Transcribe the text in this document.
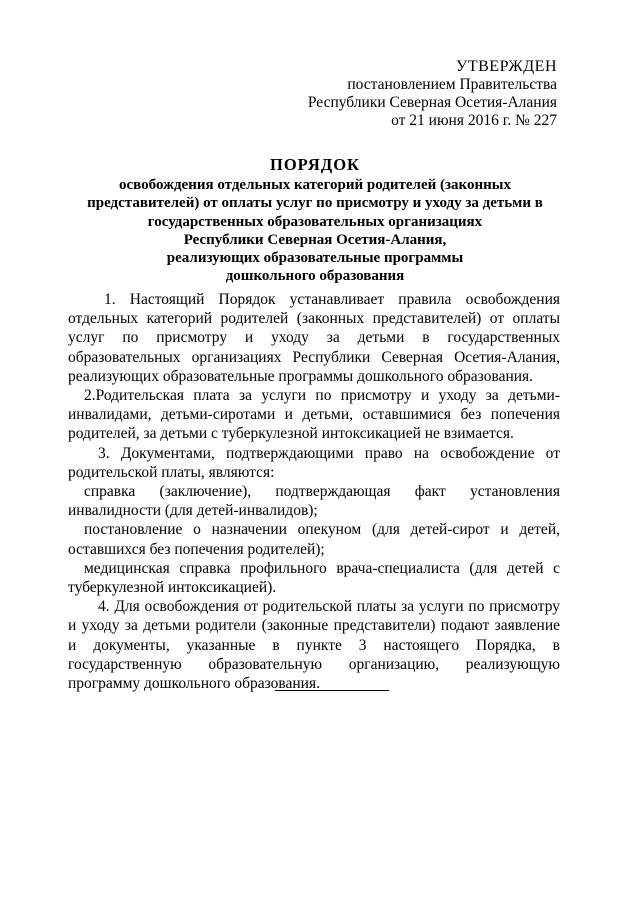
УТВЕРЖДЕН
постановлением Правительства
Республики Северная Осетия-Алания
от 21 июня 2016 г. № 227
ПОРЯДОК
освобождения отдельных категорий родителей (законных
представителей) от оплаты услуг по присмотру и уходу за детьми в
государственных образовательных организациях
Республики Северная Осетия-Алания,
реализующих образовательные программы
дошкольного образования

1. Настоящий Порядок устанавливает правила освобождения отдельных категорий родителей (законных представителей) от оплаты услуг по присмотру и уходу за детьми в государственных образовательных организациях Республики Северная Осетия-Алания, реализующих образовательные программы дошкольного образования.

2.Родительская плата за услуги по присмотру и уходу за детьми-инвалидами, детьми-сиротами и детьми, оставшимися без попечения родителей, за детьми с туберкулезной интоксикацией не взимается.

3. Документами, подтверждающими право на освобождение от родительской платы, являются:

справка (заключение), подтверждающая факт установления инвалидности (для детей-инвалидов);

постановление о назначении опекуном (для детей-сирот и детей, оставшихся без попечения родителей);

медицинская справка профильного врача-специалиста (для детей с туберкулезной интоксикацией).

4. Для освобождения от родительской платы за услуги по присмотру и уходу за детьми родители (законные представители) подают заявление и документы, указанные в пункте 3 настоящего Порядка, в государственную образовательную организацию, реализующую программу дошкольного образования.
